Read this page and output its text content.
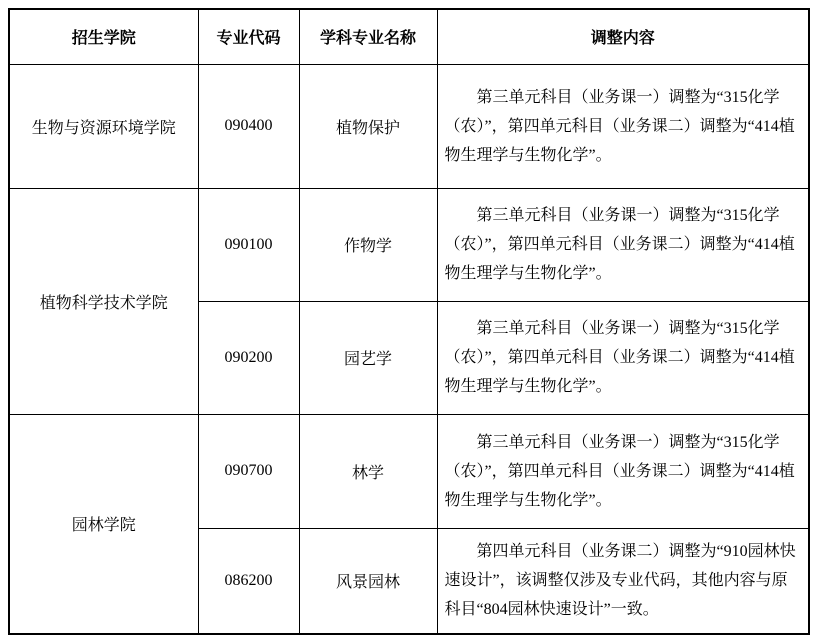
招生学院	专业代码	学科专业名称	调整内容
生物与资源环境学院	090400	植物保护	第三单元科目（业务课一）调整为“315化学（农）”，第四单元科目（业务课二）调整为“414植物生理学与生物化学”。

植物科学技术学院	090100	作物学	第三单元科目（业务课一）调整为“315化学（农）”，第四单元科目（业务课二）调整为“414植物生理学与生物化学”。

	090200	园艺学	第三单元科目（业务课一）调整为“315化学（农）”，第四单元科目（业务课二）调整为“414植物生理学与生物化学”。

园林学院	090700	林学	第三单元科目（业务课一）调整为“315化学（农）”，第四单元科目（业务课二）调整为“414植物生理学与生物化学”。

	086200	风景园林	第四单元科目（业务课二）调整为“910园林快速设计”，该调整仅涉及专业代码，其他内容与原科目“804园林快速设计”一致。
